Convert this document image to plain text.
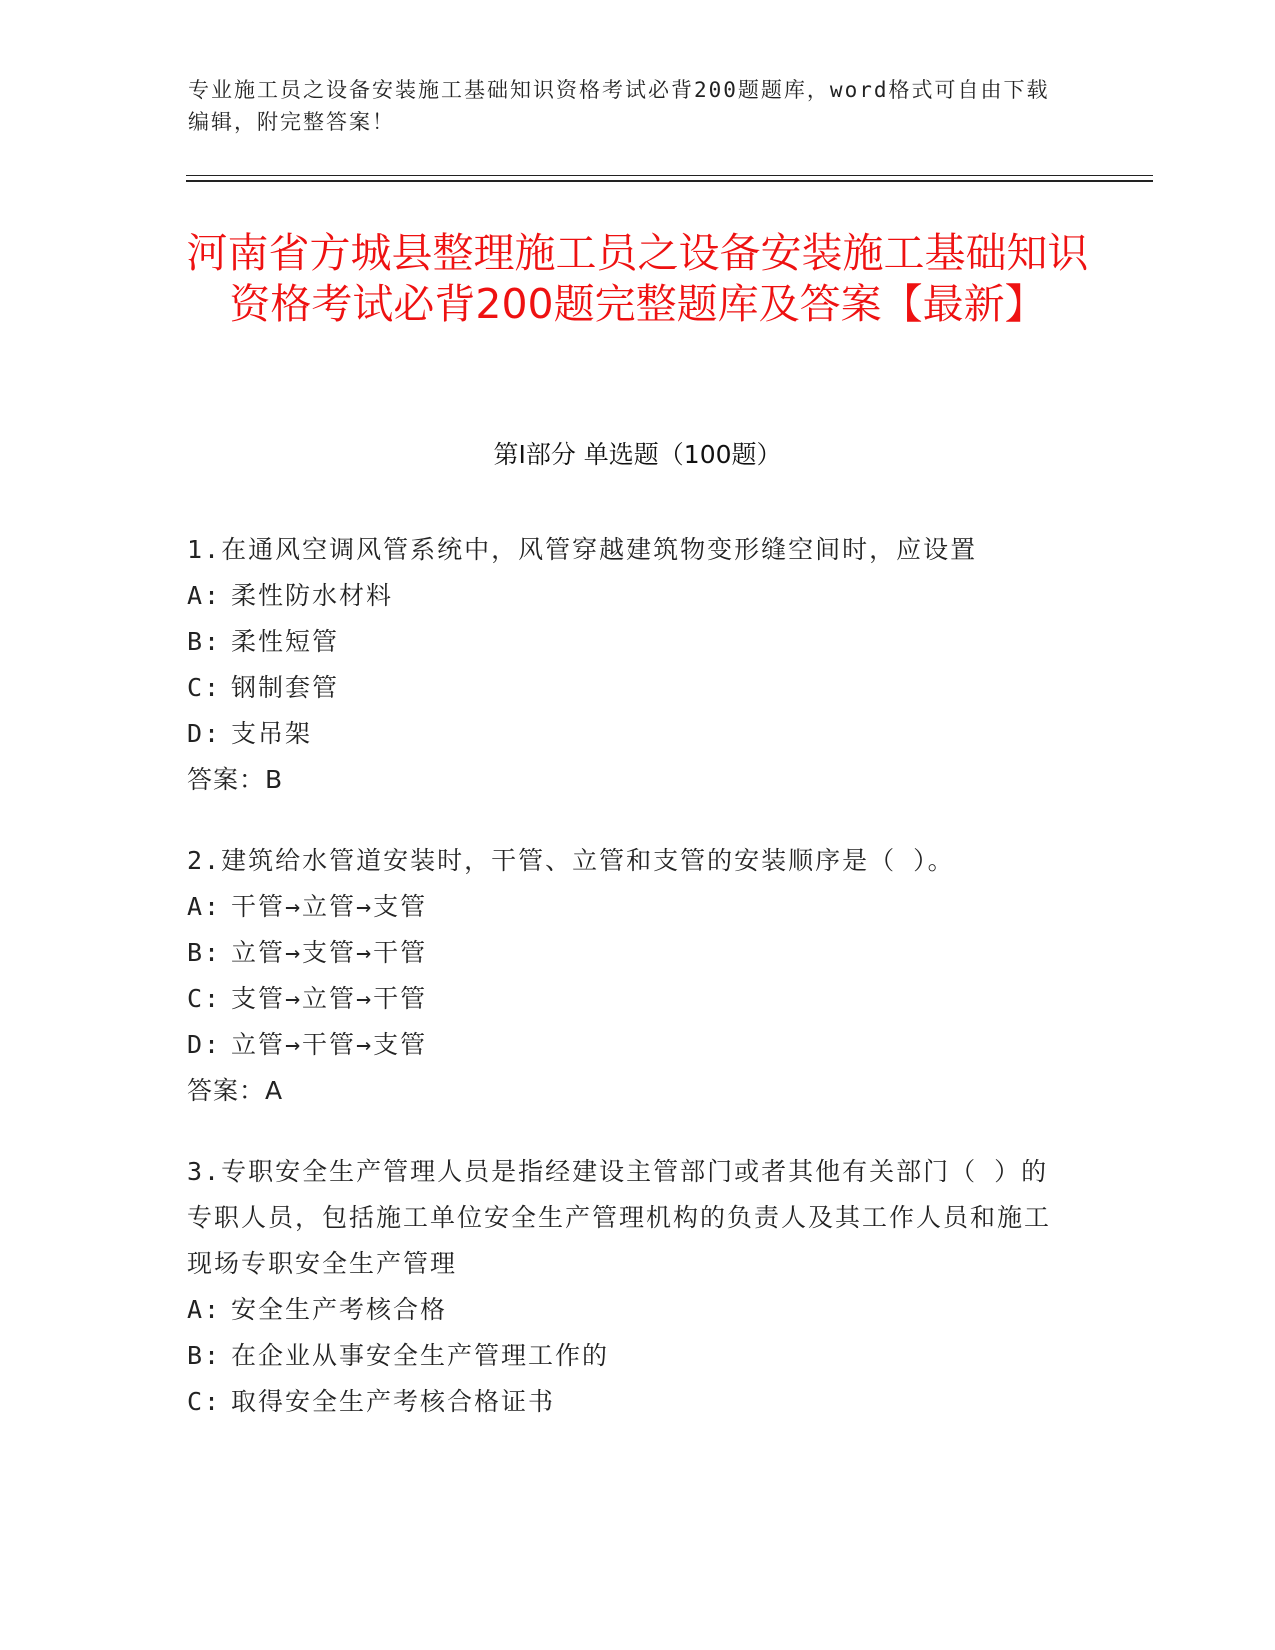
专业施工员之设备安装施工基础知识资格考试必背200题题库，word格式可自由下载编辑，附完整答案！
河南省方城县整理施工员之设备安装施工基础知识资格考试必背200题完整题库及答案【最新】
第Ⅰ部分 单选题（100题）
1.在通风空调风管系统中，风管穿越建筑物变形缝空间时，应设置
A: 柔性防水材料
B: 柔性短管
C: 钢制套管
D: 支吊架
答案：B
2.建筑给水管道安装时，干管、立管和支管的安装顺序是（ ）。
A: 干管→立管→支管
B: 立管→支管→干管
C: 支管→立管→干管
D: 立管→干管→支管
答案：A
3.专职安全生产管理人员是指经建设主管部门或者其他有关部门（ ）的专职人员，包括施工单位安全生产管理机构的负责人及其工作人员和施工现场专职安全生产管理
A: 安全生产考核合格
B: 在企业从事安全生产管理工作的
C: 取得安全生产考核合格证书
